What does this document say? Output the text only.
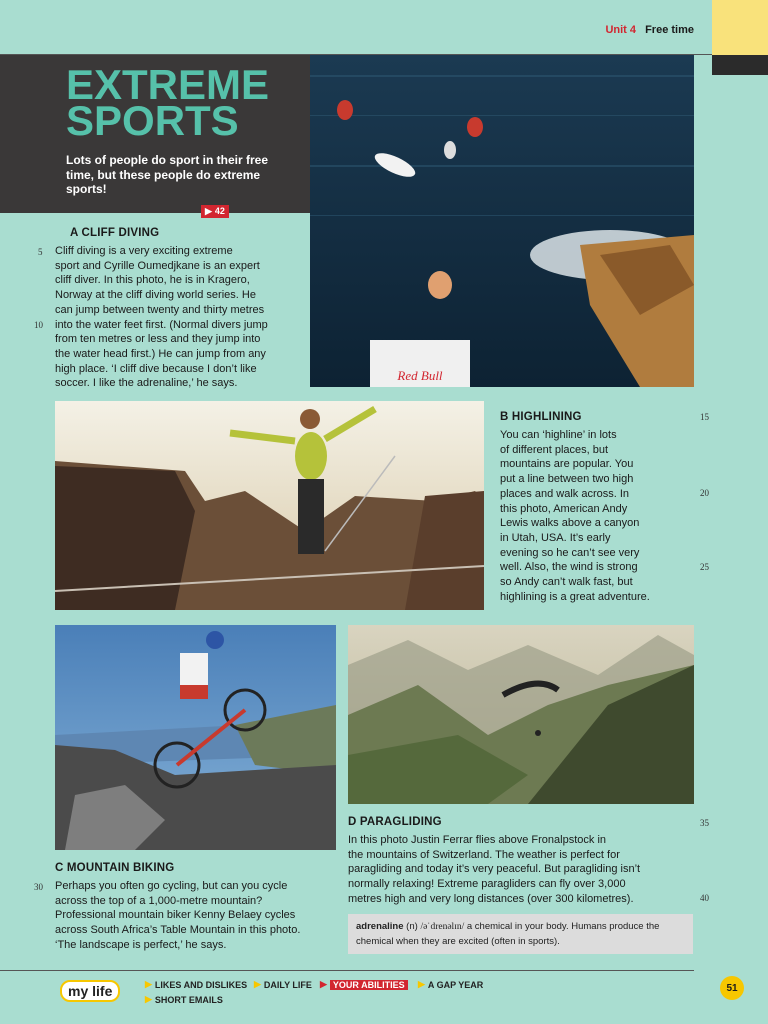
Unit 4 Free time
EXTREME
SPORTS
Lots of people do sport in their free time, but these people do extreme sports!
▶ 42
Red Bull
A CLIFF DIVING
Cliff diving is a very exciting extreme
sport and Cyrille Oumedjkane is an expert
cliff diver. In this photo, he is in Kragero,
Norway at the cliff diving world series. He
can jump between twenty and thirty metres
into the water feet first. (Normal divers jump
from ten metres or less and they jump into
the water head first.) He can jump from any
high place. ‘I cliff dive because I don’t like
soccer. I like the adrenaline,’ he says.
5
10
B HIGHLINING
You can ‘highline’ in lots
of different places, but
mountains are popular. You
put a line between two high
places and walk across. In
this photo, American Andy
Lewis walks above a canyon
in Utah, USA. It’s early
evening so he can’t see very
well. Also, the wind is strong
so Andy can’t walk fast, but
highlining is a great adventure.
15
20
25
C MOUNTAIN BIKING
Perhaps you often go cycling, but can you cycle
across the top of a 1,000-metre mountain?
Professional mountain biker Kenny Belaey cycles
across South Africa’s Table Mountain in this photo.
‘The landscape is perfect,’ he says.
30
D PARAGLIDING
In this photo Justin Ferrar flies above Fronalpstock in
the mountains of Switzerland. The weather is perfect for
paragliding and today it’s very peaceful. But paragliding isn’t
normally relaxing! Extreme paragliders can fly over 3,000
metres high and very long distances (over 300 kilometres).
35
40
adrenaline (n) /əˈdrenəlɪn/ a chemical in your body. Humans produce the chemical when they are excited (often in sports).
my life	▶ LIKES AND DISLIKES ▶ DAILY LIFE ▶ YOUR ABILITIES	▶ A GAP YEAR
▶ SHORT EMAILS
51
